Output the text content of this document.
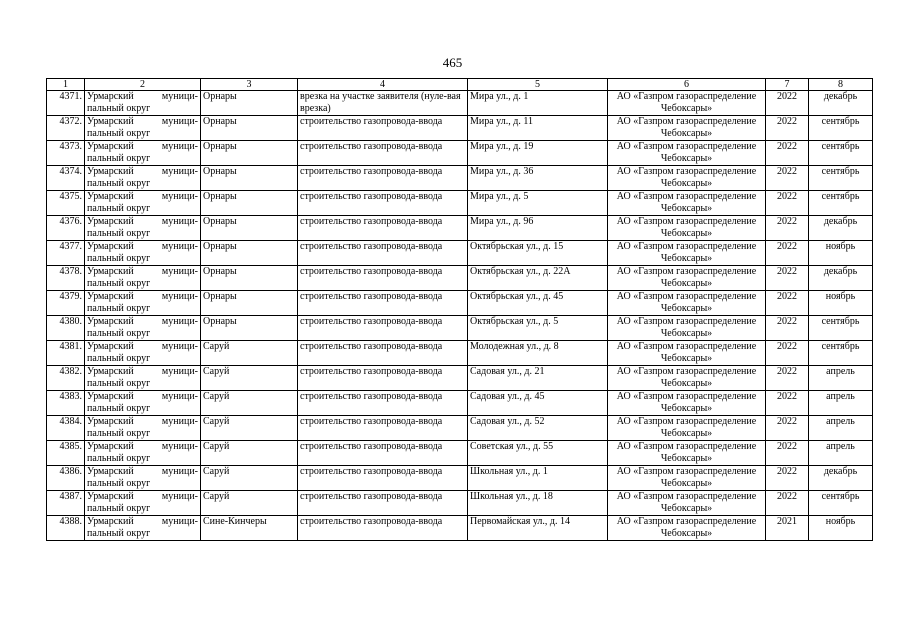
465
1	2	3	4	5	6	7	8
4371.	Урмарский муници-пальный округ	Орнары	врезка на участке заявителя (нуле-вая врезка)	Мира ул., д. 1	АО «Газпром газораспределение Чебоксары»	2022	декабрь
4372.	Урмарский муници-пальный округ	Орнары	строительство газопровода-ввода	Мира ул., д. 11	АО «Газпром газораспределение Чебоксары»	2022	сентябрь
4373.	Урмарский муници-пальный округ	Орнары	строительство газопровода-ввода	Мира ул., д. 19	АО «Газпром газораспределение Чебоксары»	2022	сентябрь
4374.	Урмарский муници-пальный округ	Орнары	строительство газопровода-ввода	Мира ул., д. 36	АО «Газпром газораспределение Чебоксары»	2022	сентябрь
4375.	Урмарский муници-пальный округ	Орнары	строительство газопровода-ввода	Мира ул., д. 5	АО «Газпром газораспределение Чебоксары»	2022	сентябрь
4376.	Урмарский муници-пальный округ	Орнары	строительство газопровода-ввода	Мира ул., д. 96	АО «Газпром газораспределение Чебоксары»	2022	декабрь
4377.	Урмарский муници-пальный округ	Орнары	строительство газопровода-ввода	Октябрьская ул., д. 15	АО «Газпром газораспределение Чебоксары»	2022	ноябрь
4378.	Урмарский муници-пальный округ	Орнары	строительство газопровода-ввода	Октябрьская ул., д. 22А	АО «Газпром газораспределение Чебоксары»	2022	декабрь
4379.	Урмарский муници-пальный округ	Орнары	строительство газопровода-ввода	Октябрьская ул., д. 45	АО «Газпром газораспределение Чебоксары»	2022	ноябрь
4380.	Урмарский муници-пальный округ	Орнары	строительство газопровода-ввода	Октябрьская ул., д. 5	АО «Газпром газораспределение Чебоксары»	2022	сентябрь
4381.	Урмарский муници-пальный округ	Саруй	строительство газопровода-ввода	Молодежная ул., д. 8	АО «Газпром газораспределение Чебоксары»	2022	сентябрь
4382.	Урмарский муници-пальный округ	Саруй	строительство газопровода-ввода	Садовая ул., д. 21	АО «Газпром газораспределение Чебоксары»	2022	апрель
4383.	Урмарский муници-пальный округ	Саруй	строительство газопровода-ввода	Садовая ул., д. 45	АО «Газпром газораспределение Чебоксары»	2022	апрель
4384.	Урмарский муници-пальный округ	Саруй	строительство газопровода-ввода	Садовая ул., д. 52	АО «Газпром газораспределение Чебоксары»	2022	апрель
4385.	Урмарский муници-пальный округ	Саруй	строительство газопровода-ввода	Советская ул., д. 55	АО «Газпром газораспределение Чебоксары»	2022	апрель
4386.	Урмарский муници-пальный округ	Саруй	строительство газопровода-ввода	Школьная ул., д. 1	АО «Газпром газораспределение Чебоксары»	2022	декабрь
4387.	Урмарский муници-пальный округ	Саруй	строительство газопровода-ввода	Школьная ул., д. 18	АО «Газпром газораспределение Чебоксары»	2022	сентябрь
4388.	Урмарский муници-пальный округ	Сине-Кинчеры	строительство газопровода-ввода	Первомайская ул., д. 14	АО «Газпром газораспределение Чебоксары»	2021	ноябрь
